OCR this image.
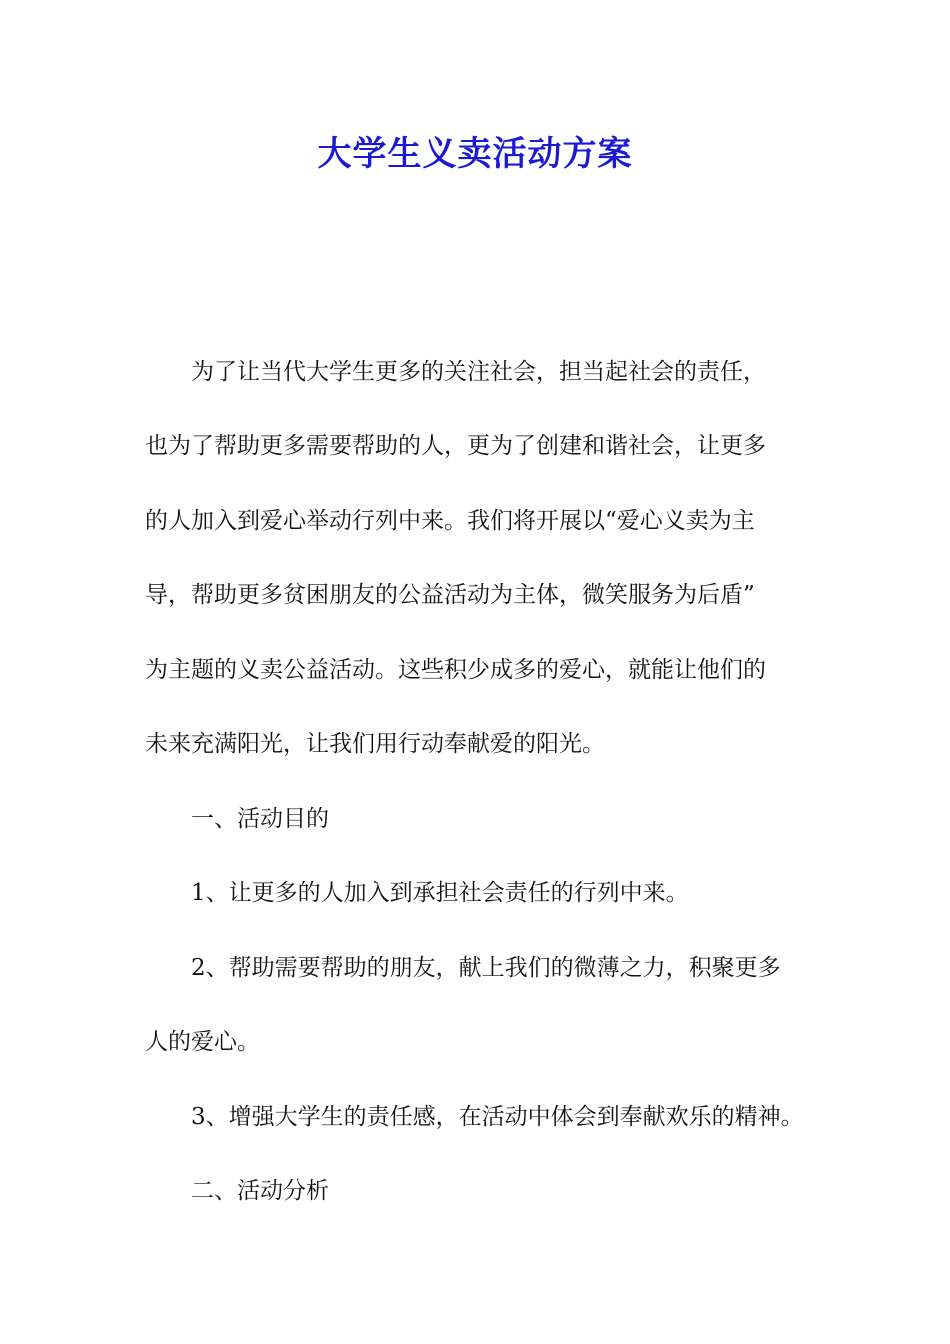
大学生义卖活动方案
为了让当代大学生更多的关注社会，担当起社会的责任，
也为了帮助更多需要帮助的人，更为了创建和谐社会，让更多
的人加入到爱心举动行列中来。我们将开展以“爱心义卖为主
导，帮助更多贫困朋友的公益活动为主体，微笑服务为后盾”
为主题的义卖公益活动。这些积少成多的爱心，就能让他们的
未来充满阳光，让我们用行动奉献爱的阳光。
一、活动目的
1、让更多的人加入到承担社会责任的行列中来。
2、帮助需要帮助的朋友，献上我们的微薄之力，积聚更多
人的爱心。
3、增强大学生的责任感，在活动中体会到奉献欢乐的精神。
二、活动分析
